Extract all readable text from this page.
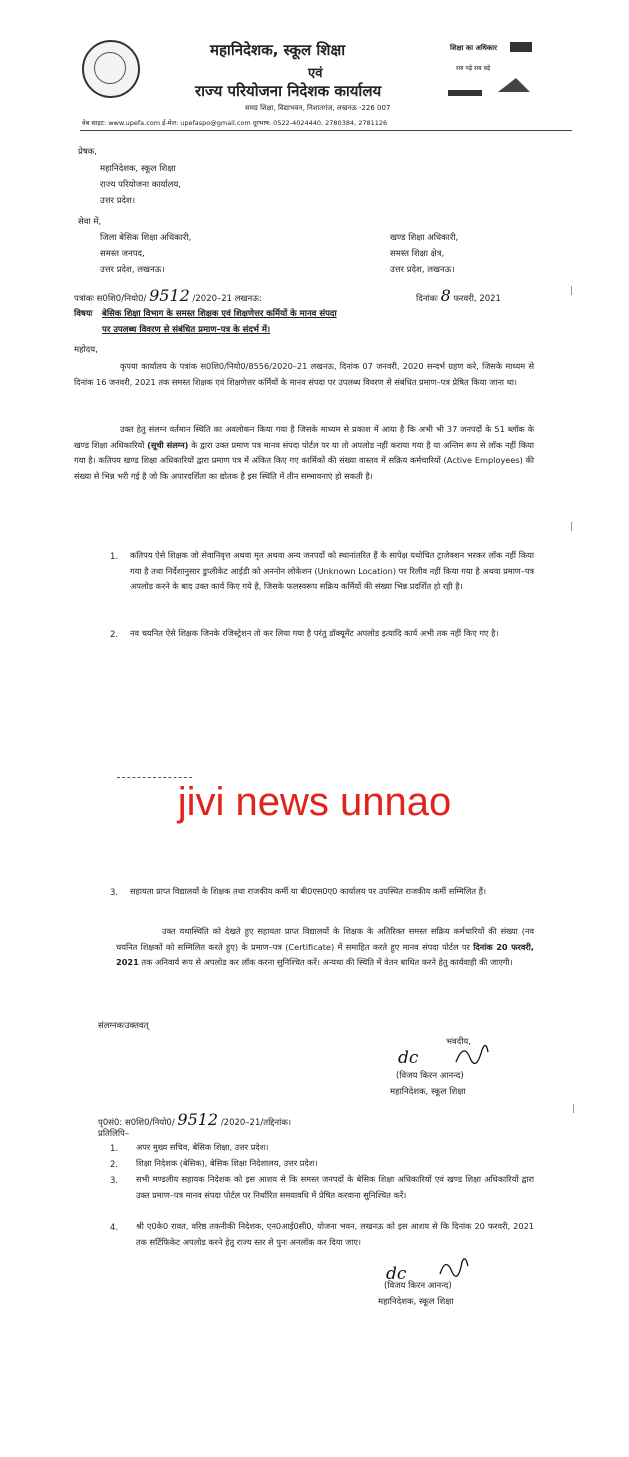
महानिदेशक, स्कूल शिक्षा
एवं
राज्य परियोजना निदेशक कार्यालय
समग्र शिक्षा, विद्याभवन, निशातगंज, लखनऊ -226 007
शिक्षा का अधिकार
सब पढ़ें सब बढ़ें
वेब साइट: www.upefa.com ई-मेल: upefaspo@gmail.com दूरभाष: 0522-4024440, 2780384, 2781126
प्रेषक,
महानिदेशक, स्कूल शिक्षा
राज्य परियोजना कार्यालय,
उत्तर प्रदेश।
सेवा में,
जिला बेसिक शिक्षा अधिकारी,
समस्त जनपद,
उत्तर प्रदेश, लखनऊ।
खण्ड शिक्षा अधिकारी,
समस्त शिक्षा क्षेत्र,
उत्तर प्रदेश, लखनऊ।
पत्रांकः स0शि0/नियो0/ 9512 /2020–21 लखनऊ:	दिनांकः 8 फरवरी, 2021
विषयः बेसिक शिक्षा विभाग के समस्त शिक्षक एवं शिक्षणेत्तर कर्मियों के मानव संपदा
पर उपलब्ध विवरण से संबंधित प्रमाण–पत्र के संदर्भ में।
महोदय,
कृपया कार्यालय के पत्रांक स0शि0/नियो0/8556/2020–21 लखनऊ, दिनांक 07 जनवरी, 2020 सन्दर्भ ग्रहण करे, जिसके माध्यम से दिनांक 16 जनवरी, 2021 तक समस्त शिक्षक एवं शिक्षणेत्तर कर्मियों के मानव संपदा पर उपलब्ध विवरण से संबंधित प्रमाण–पत्र प्रेषित किया जाना था।
उक्त हेतु संलग्न वर्तमान स्थिति का अवलोकन किया गया है जिसके माध्यम से प्रकाश में आया है कि अभी भी 37 जनपदों के 51 ब्लॉक के खण्ड शिक्षा अधिकारियों (सूची संलग्न) के द्वारा उक्त प्रमाण पत्र मानव संपदा पोर्टल पर या तो अपलोड नहीं कराया गया है या अन्तिम रूप से लॉक नहीं किया गया है। कतिपय खण्ड शिक्षा अधिकारियों द्वारा प्रमाण पत्र में अंकित किए गए कार्मिकों की संख्या वास्तव में सक्रिय कर्मचारियों (Active Employees) की संख्या से भिन्न भरी गई है जो कि अपारदर्शिता का द्योतक है इस स्थिति में तीन सम्भावनाएं हो सकती है।
1. कतिपय ऐसे शिक्षक जो सेवानिवृत्त अथवा मृत अथवा अन्य जनपदों को स्थानांतरित हैं के सापेक्ष यथोचित ट्राजेक्शन भरकर लॉक नहीं किया गया है तथा निर्देशानुसार डुप्लीकेट आईडी को अननोन लोकेशन (Unknown Location) पर रिलीव नहीं किया गया है अथवा प्रमाण–पत्र अपलोड करने के बाद उक्त कार्य किए गये है, जिसके फलस्वरूप सक्रिय कर्मियों की संख्या भिन्न प्रदर्शित हो रही है।
2. नव चयनित ऐसे शिक्षक जिनके रजिस्ट्रेशन तो कर लिया गया है परंतु डॉक्यूमेंट अपलोड इत्यादि कार्य अभी तक नहीं किए गए है।
jivi news unnao
3. सहायता प्राप्त विद्यालयों के शिक्षक तथा राजकीय कर्मी या बी0एस0ए0 कार्यालय पर उपस्थित राजकीय कर्मी सम्मिलित हैं।
उक्त यथास्थिति को देखते हुए सहायता प्राप्त विद्यालयों के शिक्षक के अतिरिक्त समस्त सक्रिय कर्मचारियों की संख्या (नव चयनित शिक्षकों को सम्मिलित करते हुए) के प्रमाण–पत्र (Certificate) में समाहित करते हुए मानव संपदा पोर्टल पर दिनांक 20 फरवरी, 2021 तक अनिवार्य रूप से अपलोड कर लॉक करना सुनिश्चित करें। अन्यथा की स्थिति में वेतन बाधित करने हेतु कार्यवाही की जाएगी।
संलग्नकःउक्तवत्
भवदीय,
dc
(विजय किरन आनन्द)
महानिदेशक, स्कूल शिक्षा
पृ0सं0: स0शि0/नियो0/ 9512 /2020–21/तद्दिनांक।
प्रतिलिपि–
1. अपर मुख्य सचिव, बेसिक शिक्षा, उत्तर प्रदेश।
2. शिक्षा निदेशक (बेसिक), बेसिक शिक्षा निदेशालय, उत्तर प्रदेश।
3. सभी मण्डलीय सहायक निदेशक को इस आशय से कि समस्त जनपदों के बेसिक शिक्षा अधिकारियों एवं खण्ड शिक्षा अधिकारियों द्वारा उक्त प्रमाण–पत्र मानव संपदा पोर्टल पर निर्धारित समयावधि में प्रेषित करवाना सुनिश्चित करें।
4. श्री ए0के0 रावत, वरिष्ठ तकनीकी निदेशक, एन0आई0सी0, योजना भवन, लखनऊ को इस आशय से कि दिनांक 20 फरवरी, 2021 तक सर्टिफिकेट अपलोड करने हेतु राज्य स्तर से पुनः अनलॉक कर दिया जाए।
dc
(विजय किरन आनन्द)
महानिदेशक, स्कूल शिक्षा
